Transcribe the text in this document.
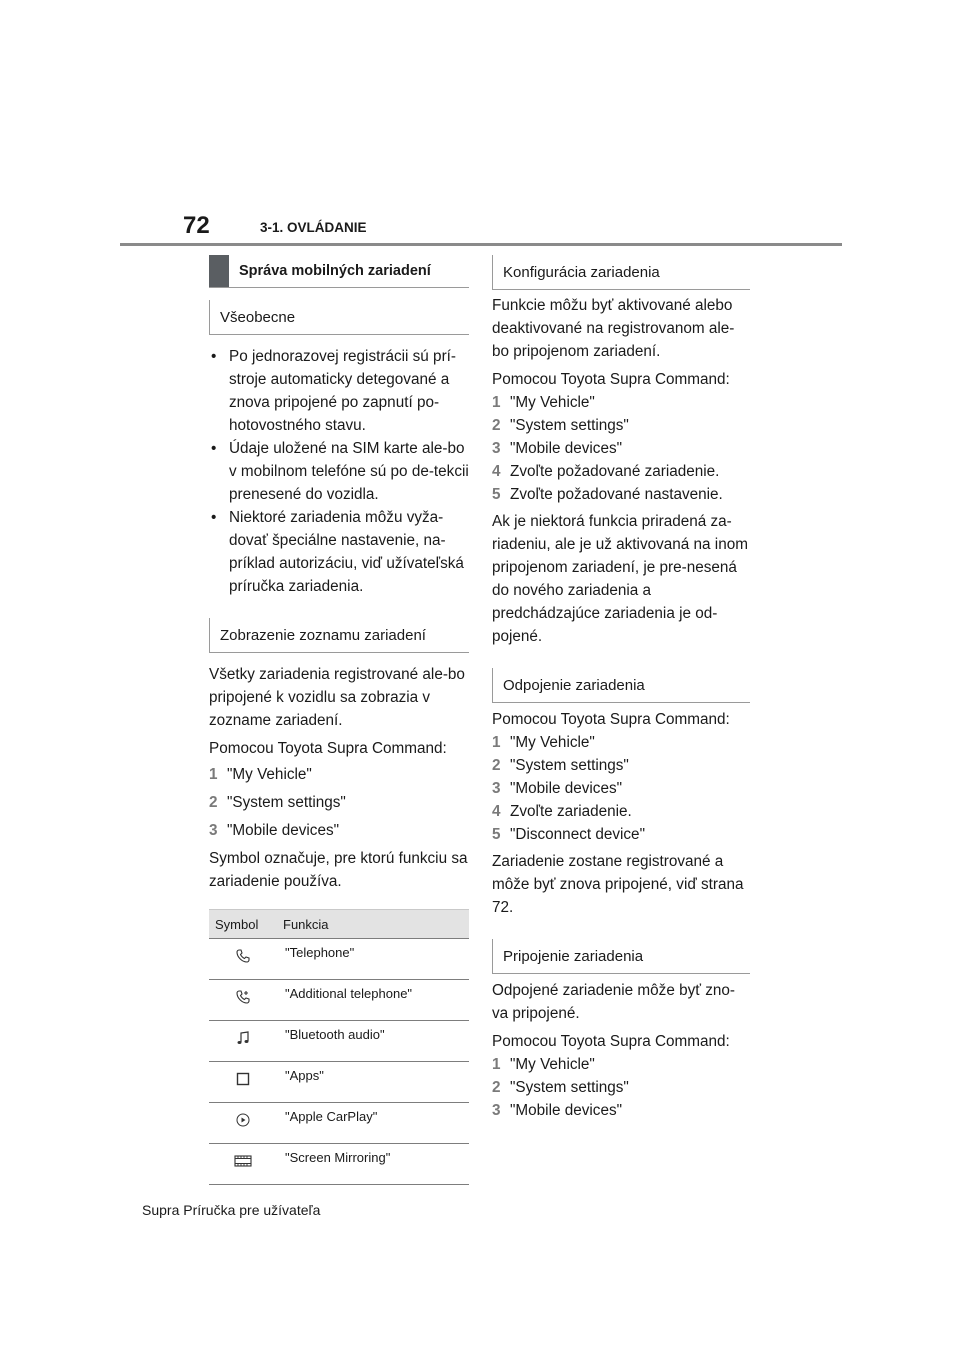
72	3-1. OVLÁDANIE
Správa mobilných zariadení
Všeobecne
• Po jednorazovej registrácii sú prí-stroje automaticky detegované a znova pripojené po zapnutí po-hotovostného stavu.
• Údaje uložené na SIM karte ale-bo v mobilnom telefóne sú po de-tekcii prenesené do vozidla.
• Niektoré zariadenia môžu vyža-dovať špeciálne nastavenie, na-príklad autorizáciu, viď užívateľská príručka zariadenia.
Zobrazenie zoznamu zariadení

Všetky zariadenia registrované ale-bo pripojené k vozidlu sa zobrazia v zozname zariadení.

Pomocou Toyota Supra Command:

1 "My Vehicle"
2 "System settings"
3 "Mobile devices"

Symbol označuje, pre ktorú funkciu sa zariadenie používa.

Symbol	Funkcia
	"Telephone"
	"Additional telephone"
	"Bluetooth audio"
	"Apps"
	"Apple CarPlay"
	"Screen Mirroring"
Konfigurácia zariadenia

Funkcie môžu byť aktivované alebo deaktivované na registrovanom ale-bo pripojenom zariadení.

Pomocou Toyota Supra Command:

1 "My Vehicle"
2 "System settings"
3 "Mobile devices"
4 Zvoľte požadované zariadenie.
5 Zvoľte požadované nastavenie.

Ak je niektorá funkcia priradená za-riadeniu, ale je už aktivovaná na inom pripojenom zariadení, je pre-nesená do nového zariadenia a predchádzajúce zariadenia je od-pojené.

Odpojenie zariadenia

Pomocou Toyota Supra Command:

1 "My Vehicle"
2 "System settings"
3 "Mobile devices"
4 Zvoľte zariadenie.
5 "Disconnect device"

Zariadenie zostane registrované a môže byť znova pripojené, viď strana 72.

Pripojenie zariadenia

Odpojené zariadenie môže byť zno-va pripojené.

Pomocou Toyota Supra Command:

1 "My Vehicle"
2 "System settings"
3 "Mobile devices"
Supra Príručka pre užívateľa
